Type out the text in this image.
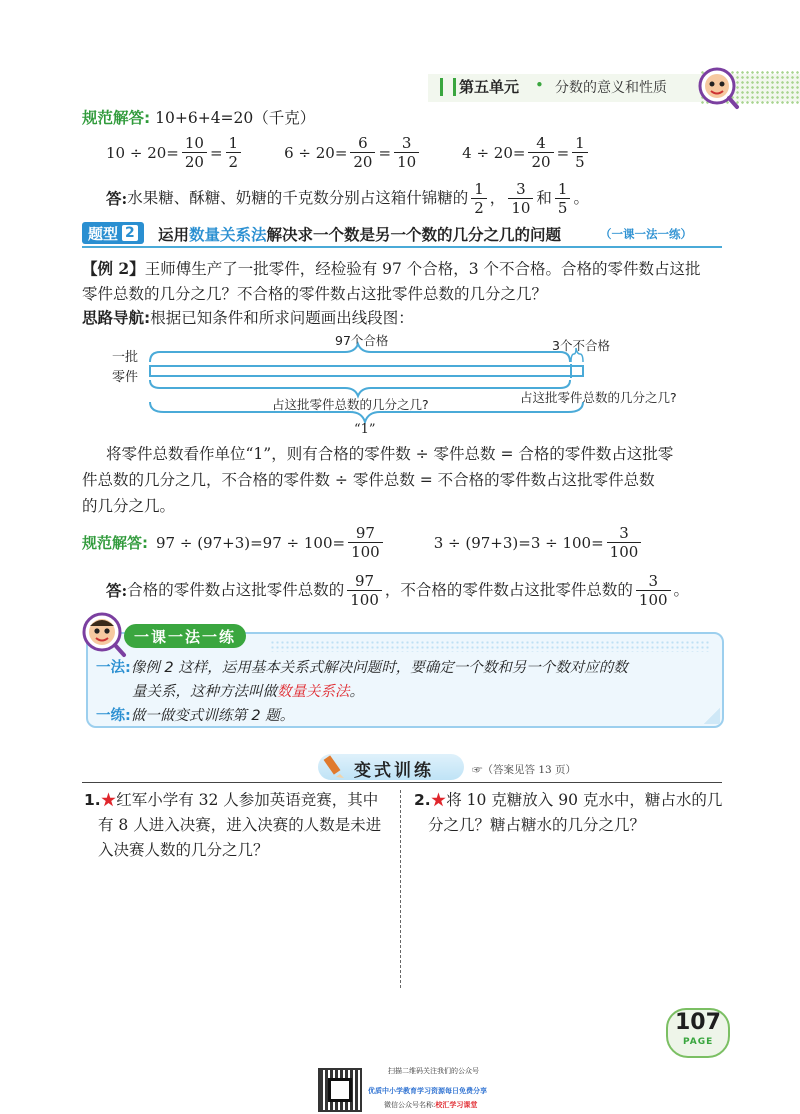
第五单元 • 分数的意义和性质
规范解答: 10+6+4=20（千克）
$10 \div 20= \frac{10}{20} = \frac{1}{2}$	$6 \div 20= \frac{6}{20} = \frac{3}{10}$	$4 \div 20= \frac{4}{20} = \frac{1}{5}$
答: 水果糖、酥糖、奶糖的千克数分别占这箱什锦糖的 $\frac{1}{2}$ ， $\frac{3}{10}$ 和 $\frac{1}{5}$ 。
题型 2 运用数量关系法解决求一个数是另一个数的几分之几的问题	（一课一法一练）
【例 2】王师傅生产了一批零件，经检验有 97 个合格，3 个不合格。合格的零件数占这批
零件总数的几分之几？不合格的零件数占这批零件总数的几分之几？
思路导航:根据已知条件和所求问题画出线段图：
一批
零件
97个合格	3个不合格
占这批零件总数的几分之几?	占这批零件总数的几分之几?
“1”
将零件总数看作单位“1”，则有合格的零件数 ÷ 零件总数 = 合格的零件数占这批零
件总数的几分之几，不合格的零件数 ÷ 零件总数 = 不合格的零件数占这批零件总数
的几分之几。
规范解答: $97 \div (97+3)=97 \div 100= \frac{97}{100}$	$3 \div (97+3)=3 \div 100= \frac{3}{100}$
答: 合格的零件数占这批零件总数的 $\frac{97}{100}$ ，不合格的零件数占这批零件总数的 $\frac{3}{100}$ 。
一课一法一练
一法:像例 2 这样，运用基本关系式解决问题时，要确定一个数和另一个数对应的数
量关系，这种方法叫做数量关系法。
一练:做一做变式训练第 2 题。
变式训练	☞（答案见答 13 页）
1.★红军小学有 32 人参加英语竞赛，其中
有 8 人进入决赛，进入决赛的人数是未进
入决赛人数的几分之几？
2.★将 10 克糖放入 90 克水中，糖占水的几
分之几？糖占糖水的几分之几？
107
PAGE
扫描二维码关注我们的公众号
优质中小学教育学习资源每日免费分享
微信公众号名称:校汇学习课堂
